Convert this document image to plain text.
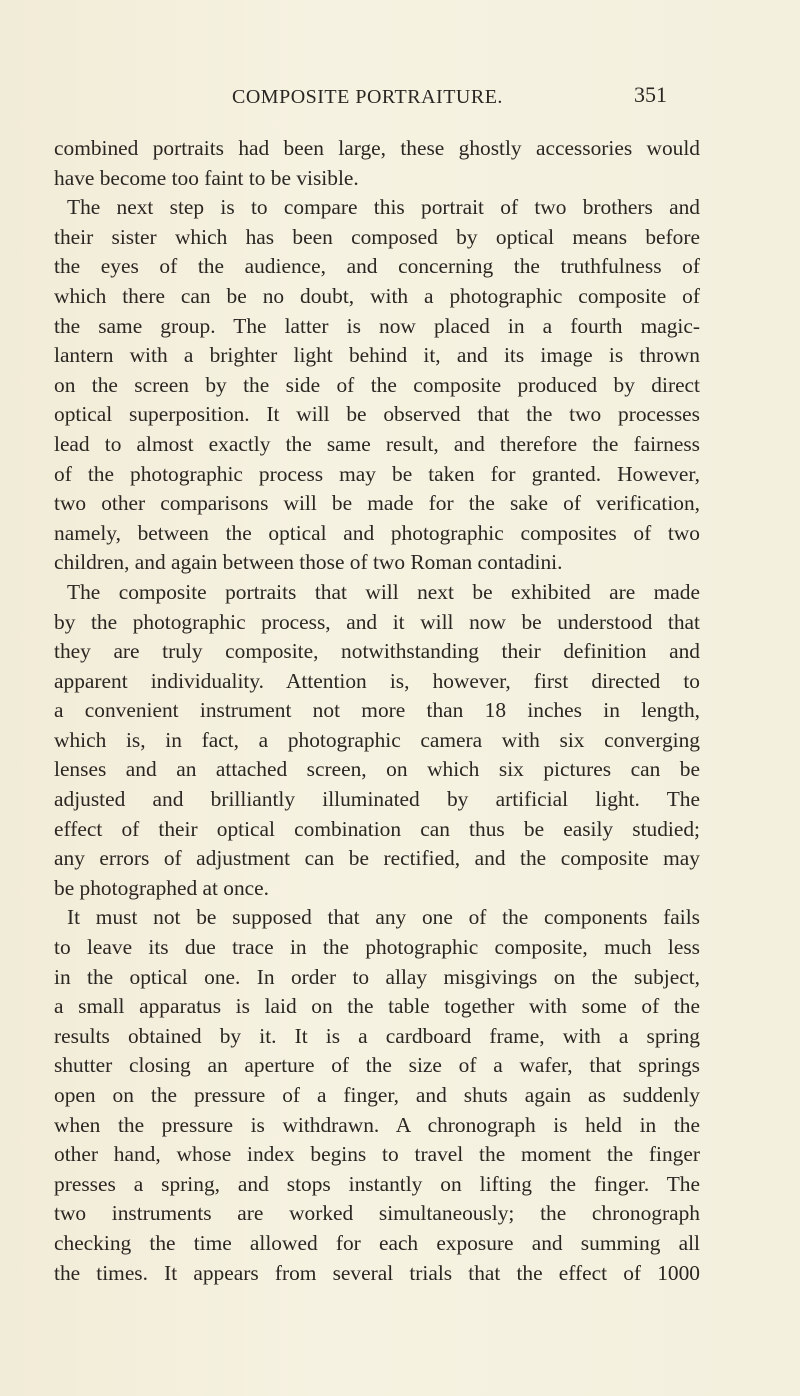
COMPOSITE PORTRAITURE.	351
combined portraits had been large, these ghostly accessories would
have become too faint to be visible.
The next step is to compare this portrait of two brothers and
their sister which has been composed by optical means before
the eyes of the audience, and concerning the truthfulness of
which there can be no doubt, with a photographic composite of
the same group. The latter is now placed in a fourth magic-
lantern with a brighter light behind it, and its image is thrown
on the screen by the side of the composite produced by direct
optical superposition. It will be observed that the two processes
lead to almost exactly the same result, and therefore the fairness
of the photographic process may be taken for granted. However,
two other comparisons will be made for the sake of verification,
namely, between the optical and photographic composites of two
children, and again between those of two Roman contadini.
The composite portraits that will next be exhibited are made
by the photographic process, and it will now be understood that
they are truly composite, notwithstanding their definition and
apparent individuality. Attention is, however, first directed to
a convenient instrument not more than 18 inches in length,
which is, in fact, a photographic camera with six converging
lenses and an attached screen, on which six pictures can be
adjusted and brilliantly illuminated by artificial light. The
effect of their optical combination can thus be easily studied;
any errors of adjustment can be rectified, and the composite may
be photographed at once.
It must not be supposed that any one of the components fails
to leave its due trace in the photographic composite, much less
in the optical one. In order to allay misgivings on the subject,
a small apparatus is laid on the table together with some of the
results obtained by it. It is a cardboard frame, with a spring
shutter closing an aperture of the size of a wafer, that springs
open on the pressure of a finger, and shuts again as suddenly
when the pressure is withdrawn. A chronograph is held in the
other hand, whose index begins to travel the moment the finger
presses a spring, and stops instantly on lifting the finger. The
two instruments are worked simultaneously; the chronograph
checking the time allowed for each exposure and summing all
the times. It appears from several trials that the effect of 1000
